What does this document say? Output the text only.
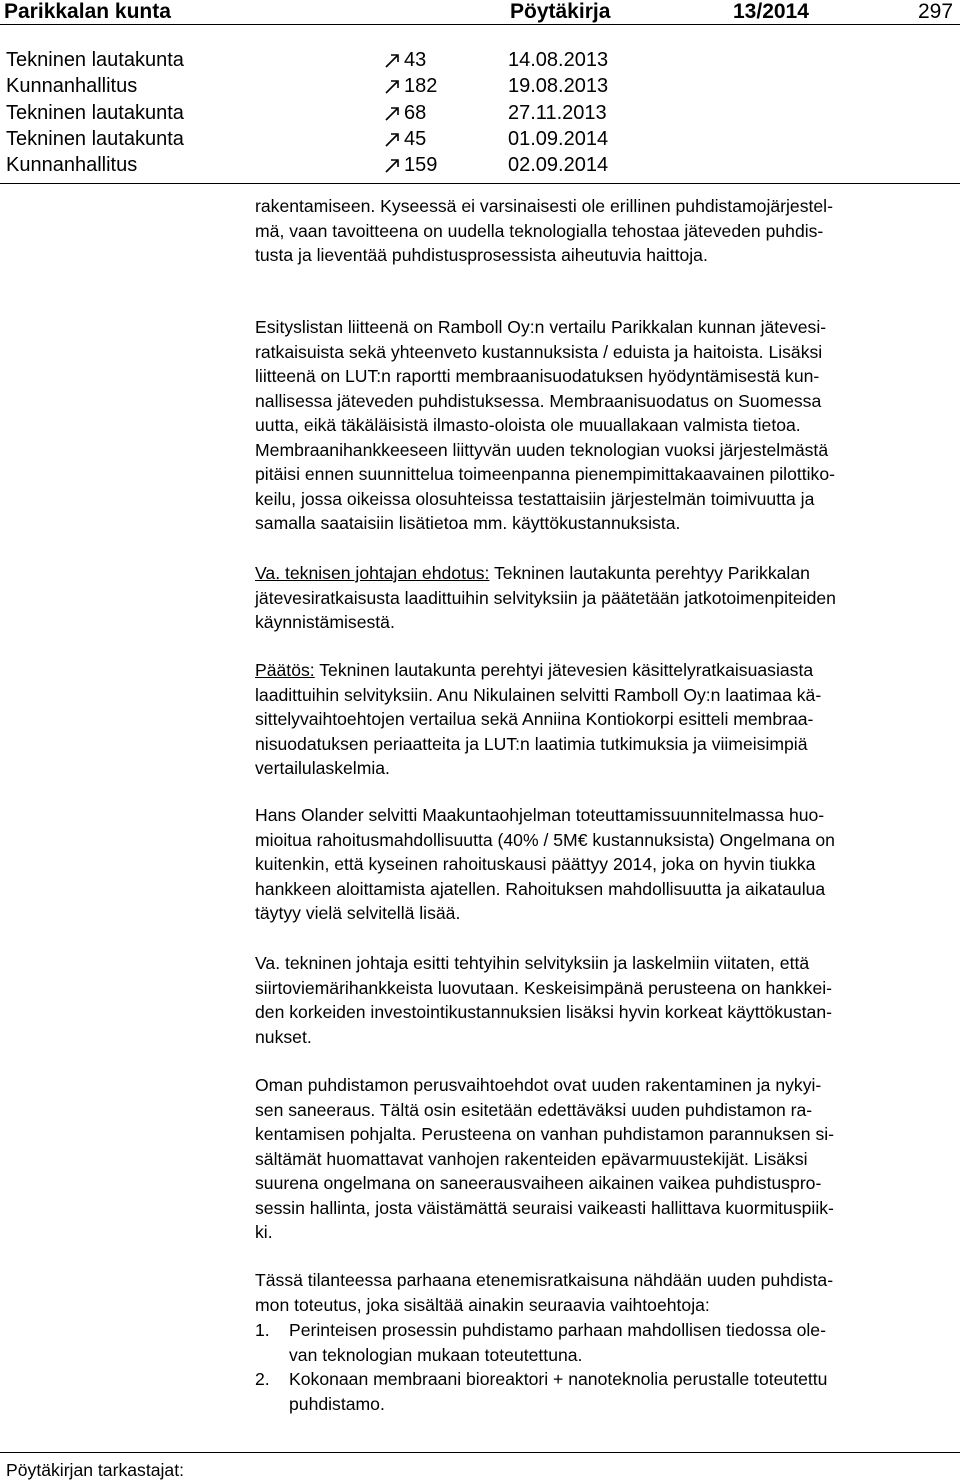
Parikkalan kunta	Pöytäkirja	13/2014	297
Tekninen lautakunta	43	14.08.2013
Kunnanhallitus	182	19.08.2013
Tekninen lautakunta	68	27.11.2013
Tekninen lautakunta	45	01.09.2014
Kunnanhallitus	159	02.09.2014

rakentamiseen. Kyseessä ei varsinaisesti ole erillinen puhdistamojärjestel-
mä, vaan tavoitteena on uudella teknologialla tehostaa jäteveden puhdis-
tusta ja lieventää puhdistusprosessista aiheutuvia haittoja.

Esityslistan liitteenä on Ramboll Oy:n vertailu Parikkalan kunnan jätevesi-
ratkaisuista sekä yhteenveto kustannuksista / eduista ja haitoista. Lisäksi
liitteenä on LUT:n raportti membraanisuodatuksen hyödyntämisestä kun-
nallisessa jäteveden puhdistuksessa. Membraanisuodatus on Suomessa
uutta, eikä täkäläisistä ilmasto-oloista ole muuallakaan valmista tietoa.
Membraanihankkeeseen liittyvän uuden teknologian vuoksi järjestelmästä
pitäisi ennen suunnittelua toimeenpanna pienempimittakaavainen pilottiko-
keilu, jossa oikeissa olosuhteissa testattaisiin järjestelmän toimivuutta ja
samalla saataisiin lisätietoa mm. käyttökustannuksista.

Va. teknisen johtajan ehdotus: Tekninen lautakunta perehtyy Parikkalan
jätevesiratkaisusta laadittuihin selvityksiin ja päätetään jatkotoimenpiteiden
käynnistämisestä.

Päätös: Tekninen lautakunta perehtyi jätevesien käsittelyratkaisuasiasta
laadittuihin selvityksiin. Anu Nikulainen selvitti Ramboll Oy:n laatimaa kä-
sittelyvaihtoehtojen vertailua sekä Anniina Kontiokorpi esitteli membraa-
nisuodatuksen periaatteita ja LUT:n laatimia tutkimuksia ja viimeisimpiä
vertailulaskelmia.

Hans Olander selvitti Maakuntaohjelman toteuttamissuunnitelmassa huo-
mioitua rahoitusmahdollisuutta (40% / 5M€ kustannuksista) Ongelmana on
kuitenkin, että kyseinen rahoituskausi päättyy 2014, joka on hyvin tiukka
hankkeen aloittamista ajatellen. Rahoituksen mahdollisuutta ja aikataulua
täytyy vielä selvitellä lisää.

Va. tekninen johtaja esitti tehtyihin selvityksiin ja laskelmiin viitaten, että
siirtoviemärihankkeista luovutaan. Keskeisimpänä perusteena on hankkei-
den korkeiden investointikustannuksien lisäksi hyvin korkeat käyttökustan-
nukset.

Oman puhdistamon perusvaihtoehdot ovat uuden rakentaminen ja nykyi-
sen saneeraus. Tältä osin esitetään edettäväksi uuden puhdistamon ra-
kentamisen pohjalta. Perusteena on vanhan puhdistamon parannuksen si-
sältämät huomattavat vanhojen rakenteiden epävarmuustekijät. Lisäksi
suurena ongelmana on saneerausvaiheen aikainen vaikea puhdistuspro-
sessin hallinta, josta väistämättä seuraisi vaikeasti hallittava kuormituspiik-
ki.

Tässä tilanteessa parhaana etenemisratkaisuna nähdään uuden puhdista-
mon toteutus, joka sisältää ainakin seuraavia vaihtoehtoja:

1. Perinteisen prosessin puhdistamo parhaan mahdollisen tiedossa ole-
van teknologian mukaan toteutettuna.
2. Kokonaan membraani bioreaktori + nanoteknolia perustalle toteutettu
puhdistamo.
Pöytäkirjan tarkastajat:
